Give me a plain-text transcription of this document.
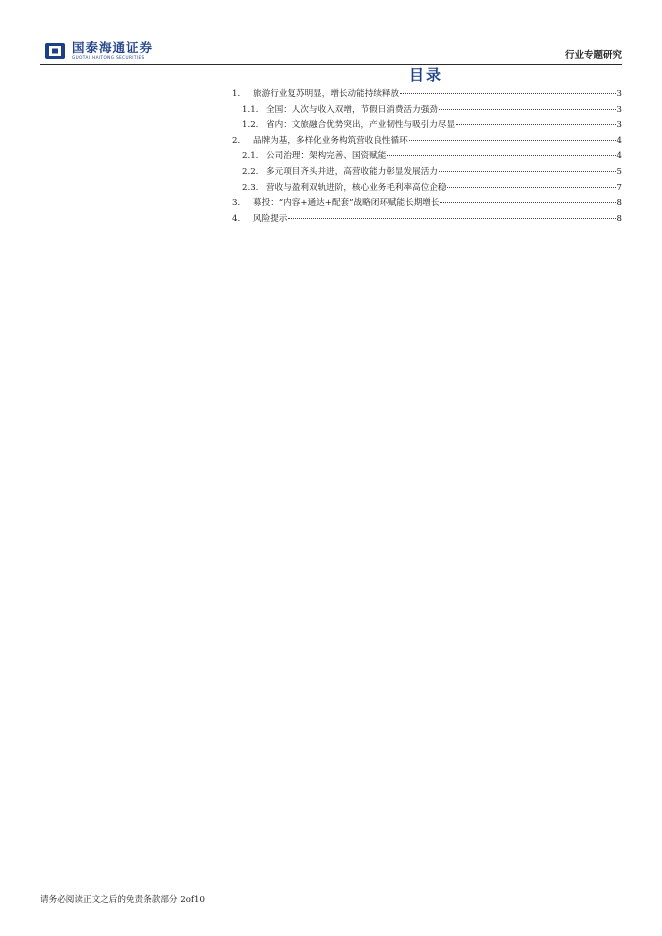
国泰海通证券
GUOTAI HAITONG SECURITIES	行业专题研究
目录
1.	旅游行业复苏明显，增长动能持续释放	3
1.1. 全国：人次与收入双增，节假日消费活力强劲	3
1.2. 省内：文旅融合优势突出，产业韧性与吸引力尽显	3
2.	品牌为基，多样化业务构筑营收良性循环	4
2.1. 公司治理：架构完善、国资赋能	4
2.2. 多元项目齐头并进，高营收能力彰显发展活力	5
2.3. 营收与盈利双轨进阶，核心业务毛利率高位企稳	7
3.	募投：“内容+通达+配套”战略闭环赋能长期增长	8
4.	风险提示	8
请务必阅读正文之后的免责条款部分 2of10
